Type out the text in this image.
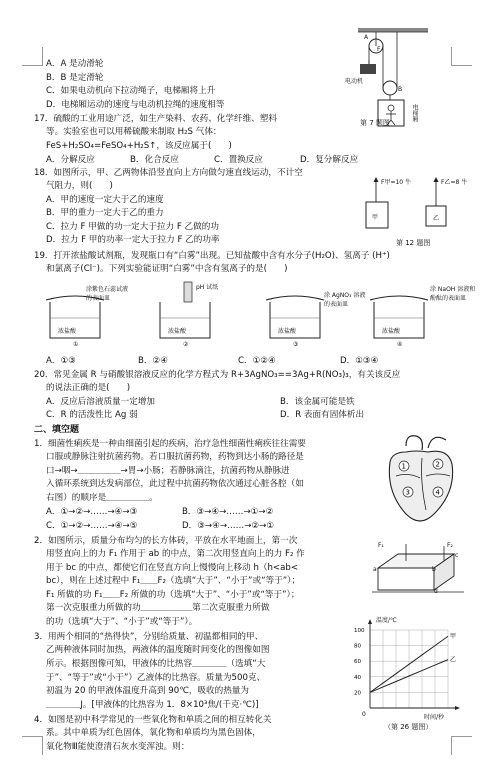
A．A 是动滑轮
B．B 是定滑轮
C．如果电动机向下拉动绳子，电梯厢将上升
D．电梯厢运动的速度与电动机拉绳的速度相等
A
F
B
电动机
电梯厢
第 7 题图
17．硫酸的工业用途广泛，如生产染料、农药、化学纤维、塑料
等。实验室也可以用稀硫酸来制取 H₂S 气体：
FeS+H₂SO₄=FeSO₄+H₂S↑，该反应属于(　　)
A．分解反应	B．化合反应	C．置换反应	D．复分解反应
18．如图所示，甲、乙两物体沿竖直向上方向做匀速直线运动，不计空
气阻力，则(　　)
A．甲的速度一定大于乙的速度
B．甲的重力一定大于乙的重力
C．拉力 F 甲做的功一定大于拉力 F 乙做的功
D．拉力 F 甲的功率一定大于拉力 F 乙的功率
F甲=10 牛	F乙=8 牛
甲	乙
第 12 题图
19．打开浓盐酸试剂瓶，发现瓶口有“白雾”出现。已知盐酸中含有水分子(H₂O)、氢离子 (H⁺)
和氯离子(Cl⁻)。下列实验能证明“白雾”中含有氢离子的是(　　)
涂紫色石蕊试液的表面皿
pH 试纸
涂 AgNO₃ 溶液的表面皿
涂 NaOH 溶液和酚酞的表面皿
浓盐酸	浓盐酸	浓盐酸	浓盐酸
①	②	③	④
A．①③	B．②④	C．①②④	D．①③④
20．常见金属 R 与硝酸银溶液反应的化学方程式为 R+3AgNO₃==3Ag+R(NO₃)₃，有关该反应
的说法正确的是(　　)
A．反应后溶液质量一定增加	B．该金属可能是铁
C．R 的活泼性比 Ag 弱	D．R 表面有固体析出
二、填空题
1．细菌性痢疾是一种由细菌引起的疾病，治疗急性细菌性痢疾往往需要
口服或静脉注射抗菌药物。若口服抗菌药物，药物到达小肠的路径是
口→咽→＿＿＿＿＿→胃→小肠；若静脉滴注，抗菌药物从静脉进
入循环系统到达发病部位，此过程中抗菌药物依次通过心脏各腔（如
右图）的顺序是＿＿＿＿＿。
A．①→②→……→④→③	B．③→④→……→①→②
C．①→②→……→④→⑤	D．③→④→……→②→①
1	2
3	4
2．如图所示，质量分布均匀的长方体砖，平放在水平地面上，第一次
用竖直向上的力 F₁ 作用于 ab 的中点，第二次用竖直向上的力 F₂ 作
用于 bc 的中点，都使它们在竖直方向上慢慢向上移动 h（h<ab<
bc），则在上述过程中 F₁＿＿F₂（选填“大于”、“小于”或“等于”）；
F₁ 所做的功 F₁＿＿F₂ 所做的功（选填“大于”、“小于”或“等于”）；
第一次克服重力所做的功＿＿＿＿＿＿第二次克服重力所做
的功（选填“大于”、“小于”或“等于”）。
F₁	F₂
a	b
c
d
3．用两个相同的“热得快”，分别给质量、初温都相同的甲、
乙两种液体同时加热，两液体的温度随时间变化的图像如图
所示。根据图像可知，甲液体的比热容＿＿＿＿（选填“大
于”、“等于”或“小于”）乙液体的比热容。质量为500克、
初温为 20 的甲液体温度升高到 90℃，吸收的热量为
＿＿＿＿J。[甲液体的比热容为 1．8×10³焦/(千克·℃)]
4．如图是初中科学常见的一些氧化物和单质之间的相互转化关
系。其中单质为红色固体，氧化物和单质均为黑色固体，
氧化物Ⅲ能使澄清石灰水变浑浊。则：
100
80
60
40
20
甲
乙
0
温度/℃
时间/秒
（第 26 题图）
